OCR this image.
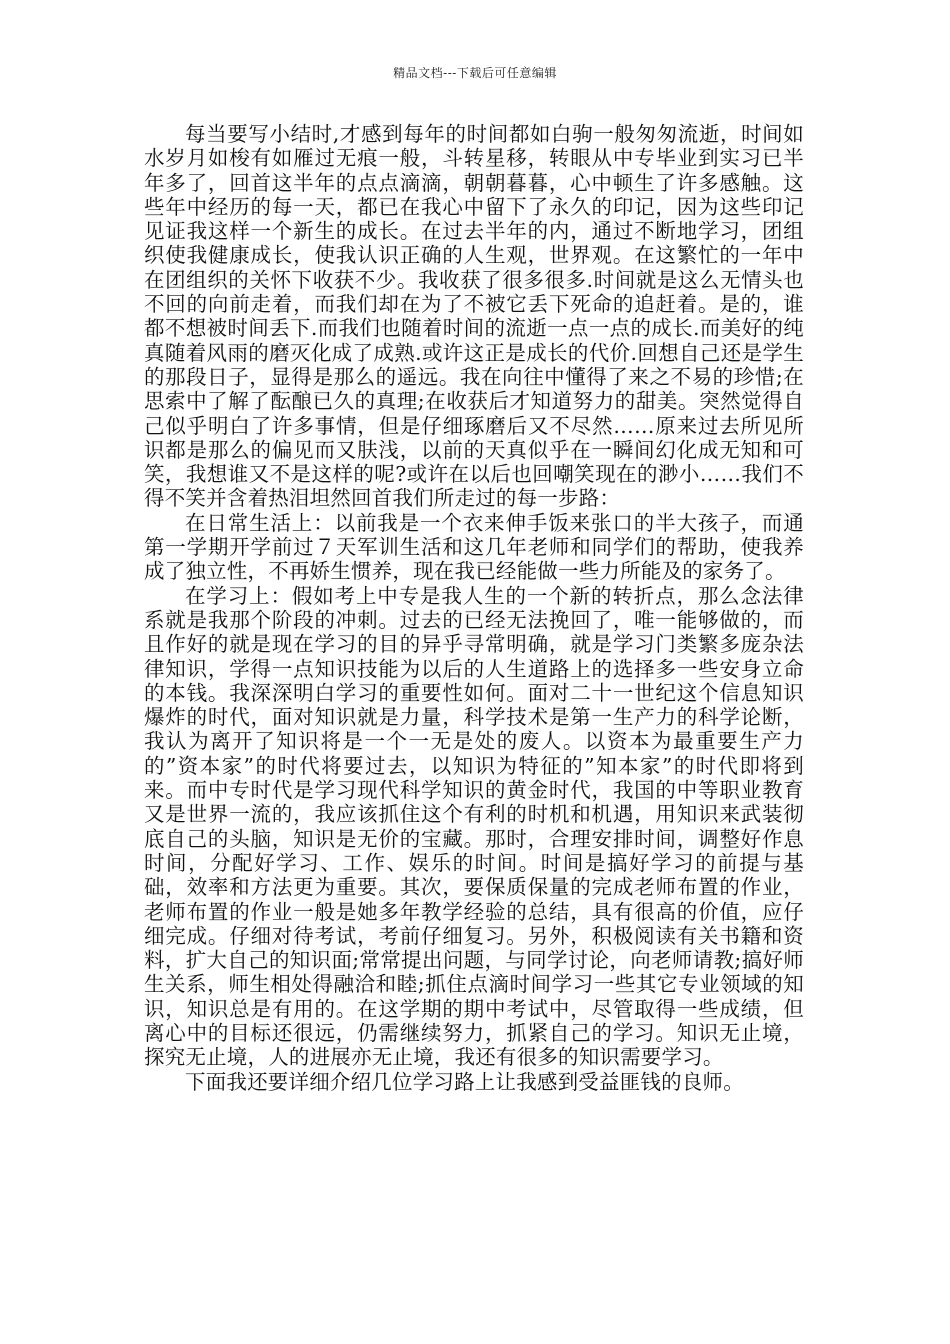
精品文档---下载后可任意编辑

每当要写小结时,才感到每年的时间都如白驹一般匆匆流逝，时间如水岁月如梭有如雁过无痕一般，斗转星移，转眼从中专毕业到实习已半年多了，回首这半年的点点滴滴，朝朝暮暮，心中顿生了许多感触。这些年中经历的每一天，都已在我心中留下了永久的印记，因为这些印记见证我这样一个新生的成长。在过去半年的内，通过不断地学习，团组织使我健康成长，使我认识正确的人生观，世界观。在这繁忙的一年中在团组织的关怀下收获不少。我收获了很多很多.时间就是这么无情头也不回的向前走着，而我们却在为了不被它丢下死命的追赶着。是的，谁都不想被时间丢下.而我们也随着时间的流逝一点一点的成长.而美好的纯真随着风雨的磨灭化成了成熟.或许这正是成长的代价.回想自己还是学生的那段日子，显得是那么的遥远。我在向往中懂得了来之不易的珍惜;在思索中了解了酝酿已久的真理;在收获后才知道努力的甜美。突然觉得自己似乎明白了许多事情，但是仔细琢磨后又不尽然……原来过去所见所识都是那么的偏见而又肤浅，以前的天真似乎在一瞬间幻化成无知和可笑，我想谁又不是这样的呢?或许在以后也回嘲笑现在的渺小……我们不得不笑并含着热泪坦然回首我们所走过的每一步路：

在日常生活上：以前我是一个衣来伸手饭来张口的半大孩子，而通第一学期开学前过７天军训生活和这几年老师和同学们的帮助，使我养成了独立性，不再娇生惯养，现在我已经能做一些力所能及的家务了。

在学习上：假如考上中专是我人生的一个新的转折点，那么念法律系就是我那个阶段的冲刺。过去的已经无法挽回了，唯一能够做的，而且作好的就是现在学习的目的异乎寻常明确，就是学习门类繁多庞杂法律知识，学得一点知识技能为以后的人生道路上的选择多一些安身立命的本钱。我深深明白学习的重要性如何。面对二十一世纪这个信息知识爆炸的时代，面对知识就是力量，科学技术是第一生产力的科学论断，我认为离开了知识将是一个一无是处的废人。以资本为最重要生产力的”资本家”的时代将要过去，以知识为特征的”知本家”的时代即将到来。而中专时代是学习现代科学知识的黄金时代，我国的中等职业教育又是世界一流的，我应该抓住这个有利的时机和机遇，用知识来武装彻底自己的头脑，知识是无价的宝藏。那时，合理安排时间，调整好作息时间，分配好学习、工作、娱乐的时间。时间是搞好学习的前提与基础，效率和方法更为重要。其次，要保质保量的完成老师布置的作业，老师布置的作业一般是她多年教学经验的总结，具有很高的价值，应仔细完成。仔细对待考试，考前仔细复习。另外，积极阅读有关书籍和资料，扩大自己的知识面;常常提出问题，与同学讨论，向老师请教;搞好师生关系，师生相处得融洽和睦;抓住点滴时间学习一些其它专业领域的知识，知识总是有用的。在这学期的期中考试中，尽管取得一些成绩，但离心中的目标还很远，仍需继续努力，抓紧自己的学习。知识无止境，探究无止境，人的进展亦无止境，我还有很多的知识需要学习。

下面我还要详细介绍几位学习路上让我感到受益匪钱的良师。
